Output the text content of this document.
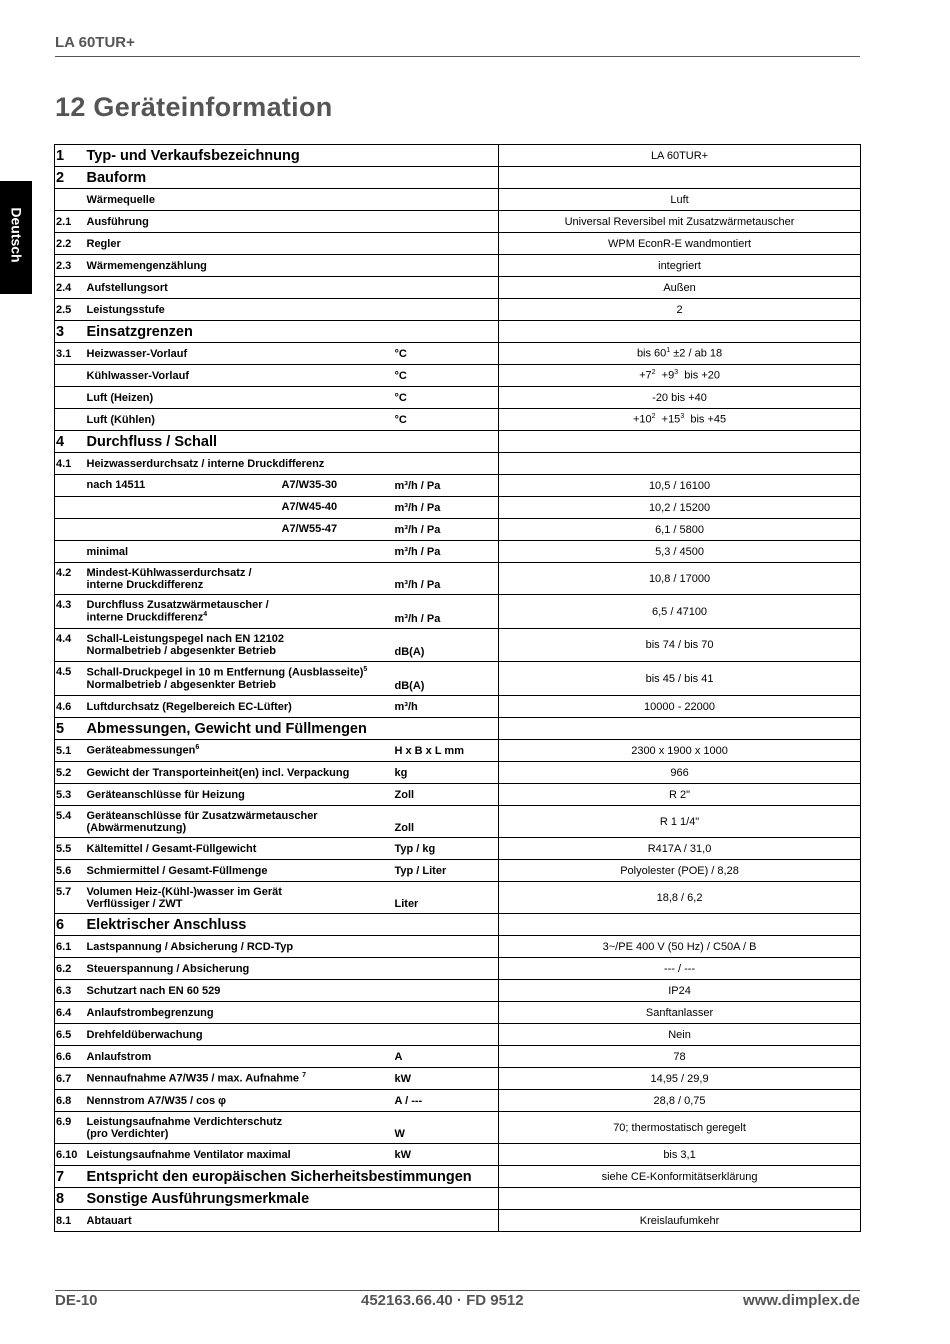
LA 60TUR+
12 Geräteinformation
Deutsch
1	Typ- und Verkaufsbezeichnung			LA 60TUR+
2	Bauform			
	Wärmequelle			Luft
2.1	Ausführung			Universal Reversibel mit Zusatzwärmetauscher
2.2	Regler			WPM EconR-E wandmontiert
2.3	Wärmemengenzählung			integriert
2.4	Aufstellungsort			Außen
2.5	Leistungsstufe			2
3	Einsatzgrenzen			
3.1	Heizwasser-Vorlauf		°C	bis $60^1 \pm 2$ / ab 18
	Kühlwasser-Vorlauf		°C	$+7^2 +9^3$  bis +20
	Luft (Heizen)		°C	-20 bis +40
	Luft (Kühlen)		°C	$+10^2 +15^3$  bis +45
4	Durchfluss / Schall			
4.1	Heizwasserdurchsatz / interne Druckdifferenz			
	nach 14511	A7/W35-30	m³/h / Pa	10,5 / 16100
		A7/W45-40	m³/h / Pa	10,2 / 15200
		A7/W55-47	m³/h / Pa	6,1 / 5800
	minimal		m³/h / Pa	5,3 / 4500
4.2	Mindest-Kühlwasserdurchsatz /
interne Druckdifferenz		m³/h / Pa	10,8 / 17000
4.3	Durchfluss Zusatzwärmetauscher /
interne Druckdifferenz$^4$		m³/h / Pa	6,5 / 47100
4.4	Schall-Leistungspegel nach EN 12102
Normalbetrieb / abgesenkter Betrieb		dB(A)	bis 74 / bis 70
4.5	Schall-Druckpegel in 10 m Entfernung (Ausblasseite)$^5$
Normalbetrieb / abgesenkter Betrieb		dB(A)	bis 45 / bis 41
4.6	Luftdurchsatz (Regelbereich EC-Lüfter)		m³/h	10000 - 22000
5	Abmessungen, Gewicht und Füllmengen			
5.1	Geräteabmessungen$^6$		H x B x L mm	2300 x 1900 x 1000
5.2	Gewicht der Transporteinheit(en) incl. Verpackung		kg	966
5.3	Geräteanschlüsse für Heizung		Zoll	R 2"
5.4	Geräteanschlüsse für Zusatzwärmetauscher
(Abwärmenutzung)		Zoll	R 1 1/4"
5.5	Kältemittel / Gesamt-Füllgewicht		Typ / kg	R417A / 31,0
5.6	Schmiermittel / Gesamt-Füllmenge		Typ / Liter	Polyolester (POE) / 8,28
5.7	Volumen Heiz-(Kühl-)wasser im Gerät
Verflüssiger / ZWT		Liter	18,8 / 6,2
6	Elektrischer Anschluss			
6.1	Lastspannung / Absicherung / RCD-Typ			3~/PE 400 V (50 Hz) / C50A / B
6.2	Steuerspannung / Absicherung			--- / ---
6.3	Schutzart nach EN 60 529			IP24
6.4	Anlaufstrombegrenzung			Sanftanlasser
6.5	Drehfeldüberwachung			Nein
6.6	Anlaufstrom		A	78
6.7	Nennaufnahme A7/W35 / max. Aufnahme $^7$		kW	14,95 / 29,9
6.8	Nennstrom A7/W35 / cos φ		A / ---	28,8 / 0,75
6.9	Leistungsaufnahme Verdichterschutz
(pro Verdichter)		W	70; thermostatisch geregelt
6.10	Leistungsaufnahme Ventilator maximal		kW	bis 3,1
7	Entspricht den europäischen Sicherheitsbestimmungen			siehe CE-Konformitätserklärung
8	Sonstige Ausführungsmerkmale			
8.1	Abtauart			Kreislaufumkehr
DE-10	452163.66.40 · FD 9512	www.dimplex.de
